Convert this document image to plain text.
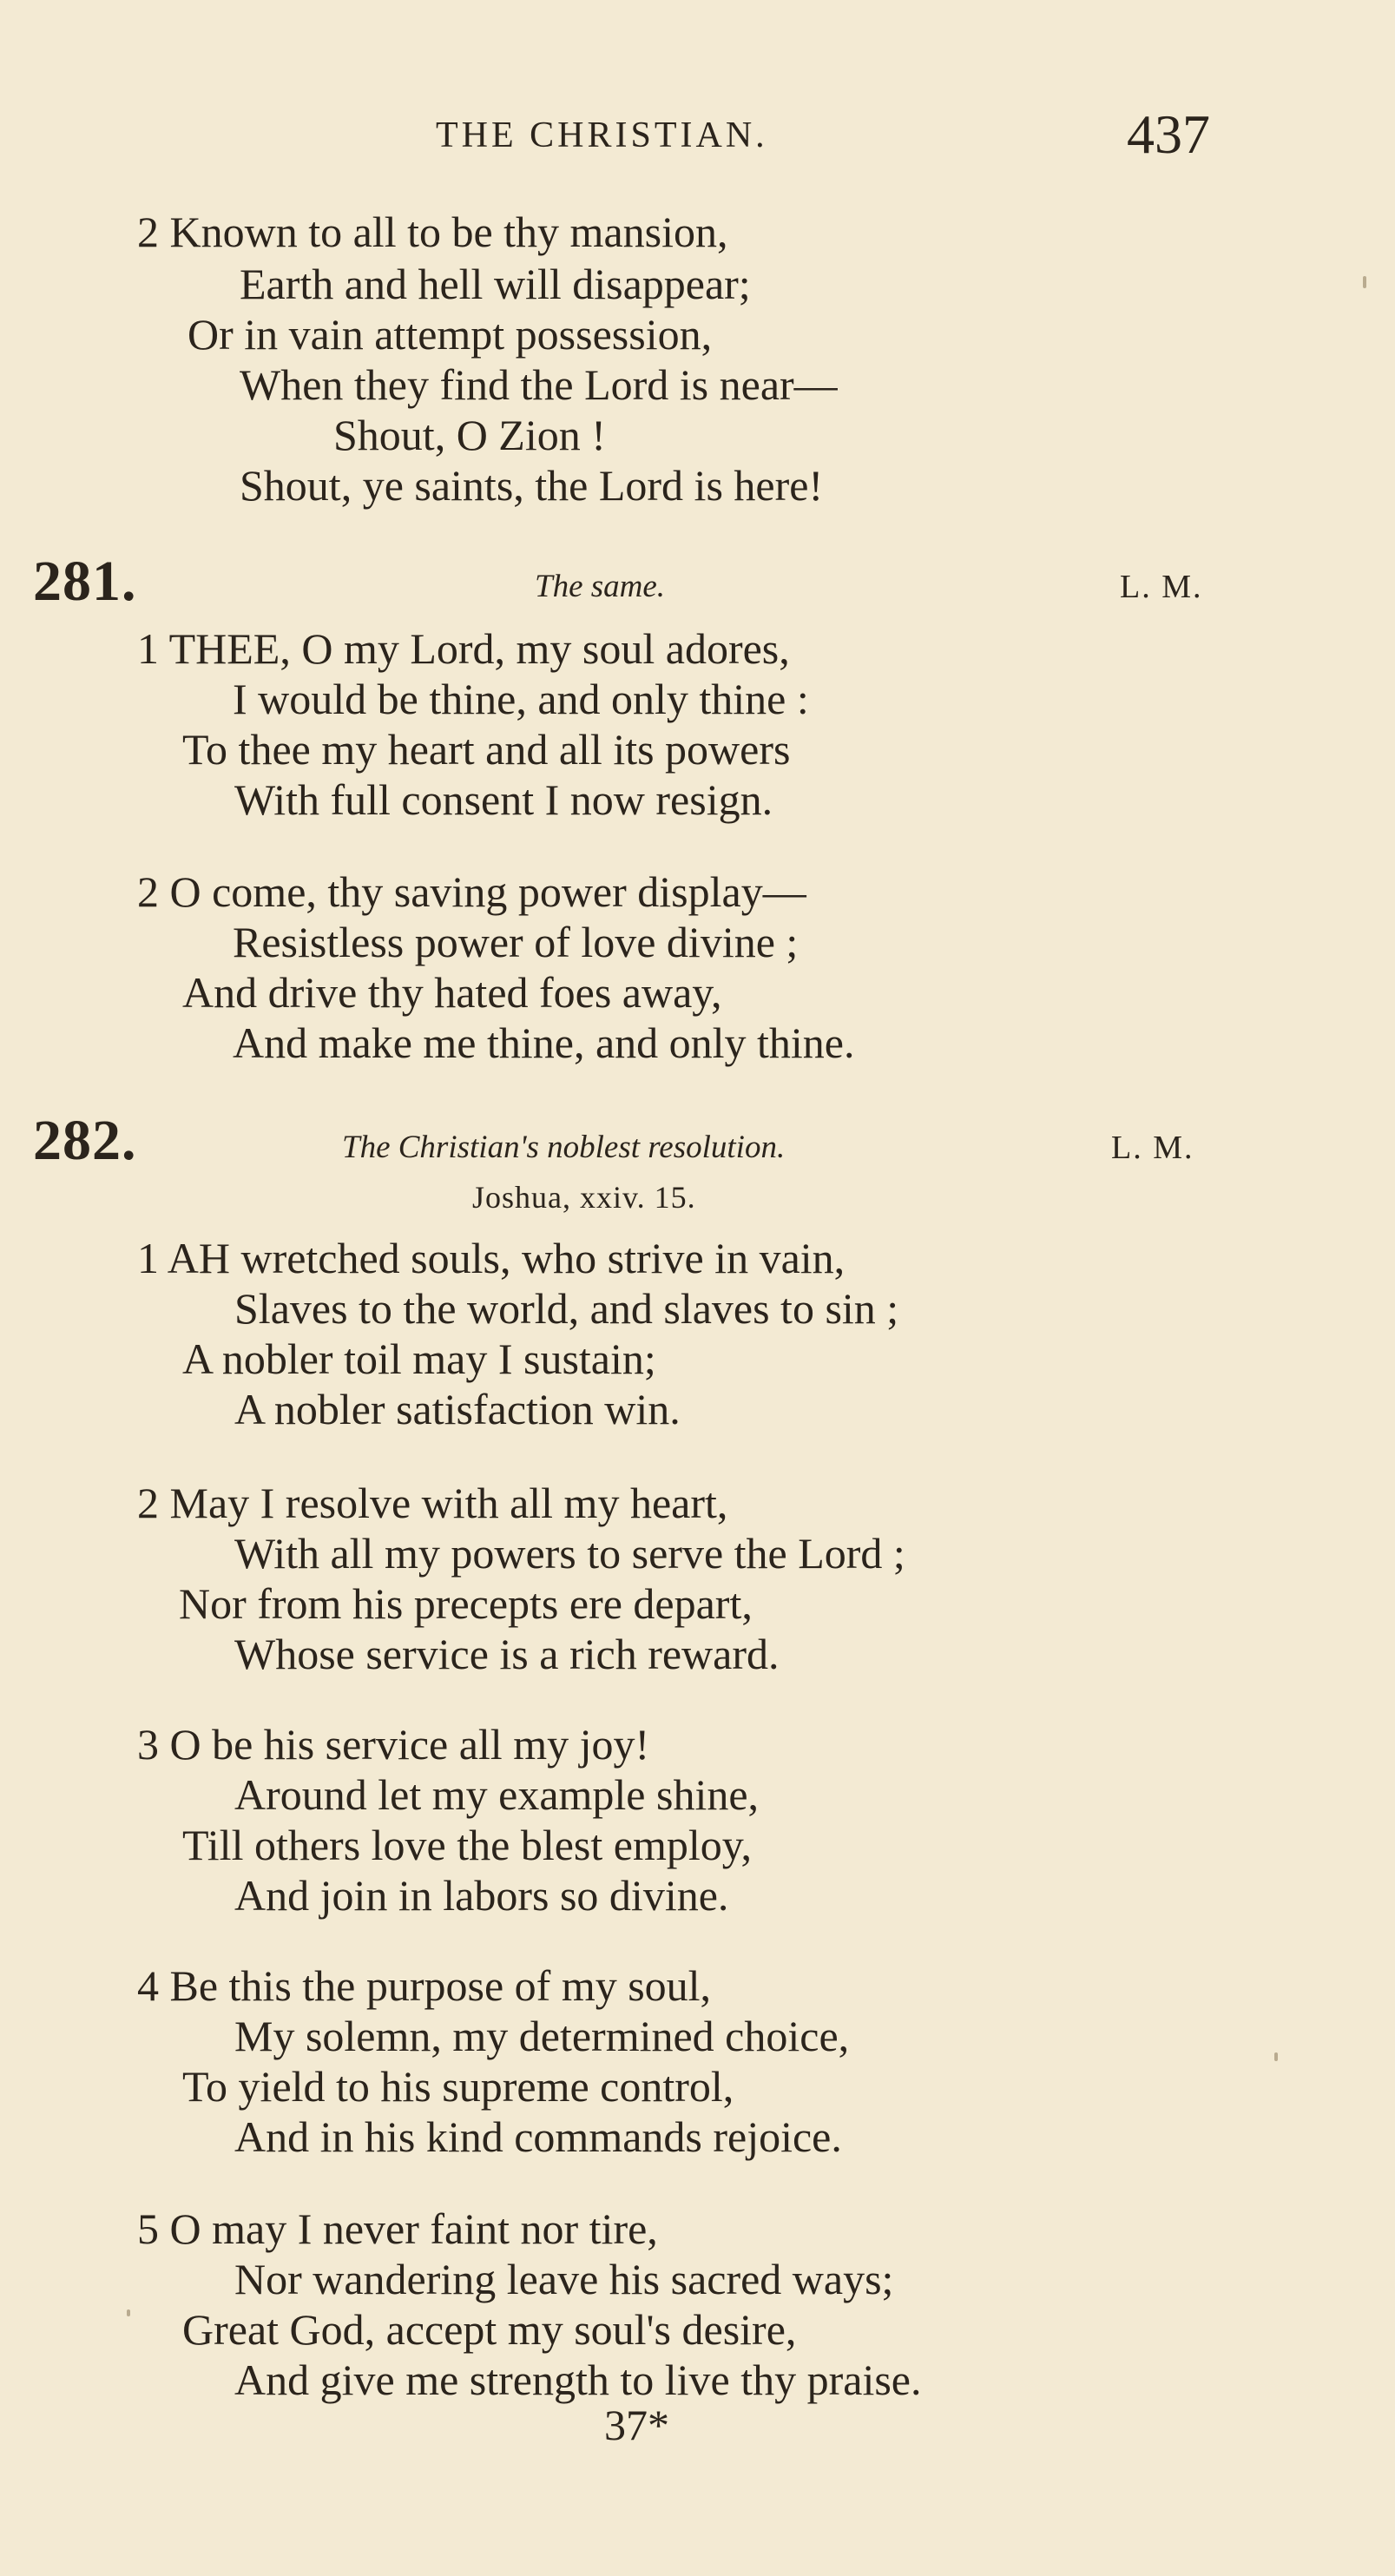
THE CHRISTIAN.	437
2 Known to all to be thy mansion,
Earth and hell will disappear;
Or in vain attempt possession,
When they find the Lord is near—
Shout, O Zion !
Shout, ye saints, the Lord is here!
281.	The same.	L. M.
1 THEE, O my Lord, my soul adores,
I would be thine, and only thine :
To thee my heart and all its powers
With full consent I now resign.
2 O come, thy saving power display—
Resistless power of love divine ;
And drive thy hated foes away,
And make me thine, and only thine.
282.	The Christian's noblest resolution.	L. M.
Joshua, xxiv. 15.
1 AH wretched souls, who strive in vain,
Slaves to the world, and slaves to sin ;
A nobler toil may I sustain;
A nobler satisfaction win.
2 May I resolve with all my heart,
With all my powers to serve the Lord ;
Nor from his precepts ere depart,
Whose service is a rich reward.
3 O be his service all my joy!
Around let my example shine,
Till others love the blest employ,
And join in labors so divine.
4 Be this the purpose of my soul,
My solemn, my determined choice,
To yield to his supreme control,
And in his kind commands rejoice.
5 O may I never faint nor tire,
Nor wandering leave his sacred ways;
Great God, accept my soul's desire,
And give me strength to live thy praise.
37*
